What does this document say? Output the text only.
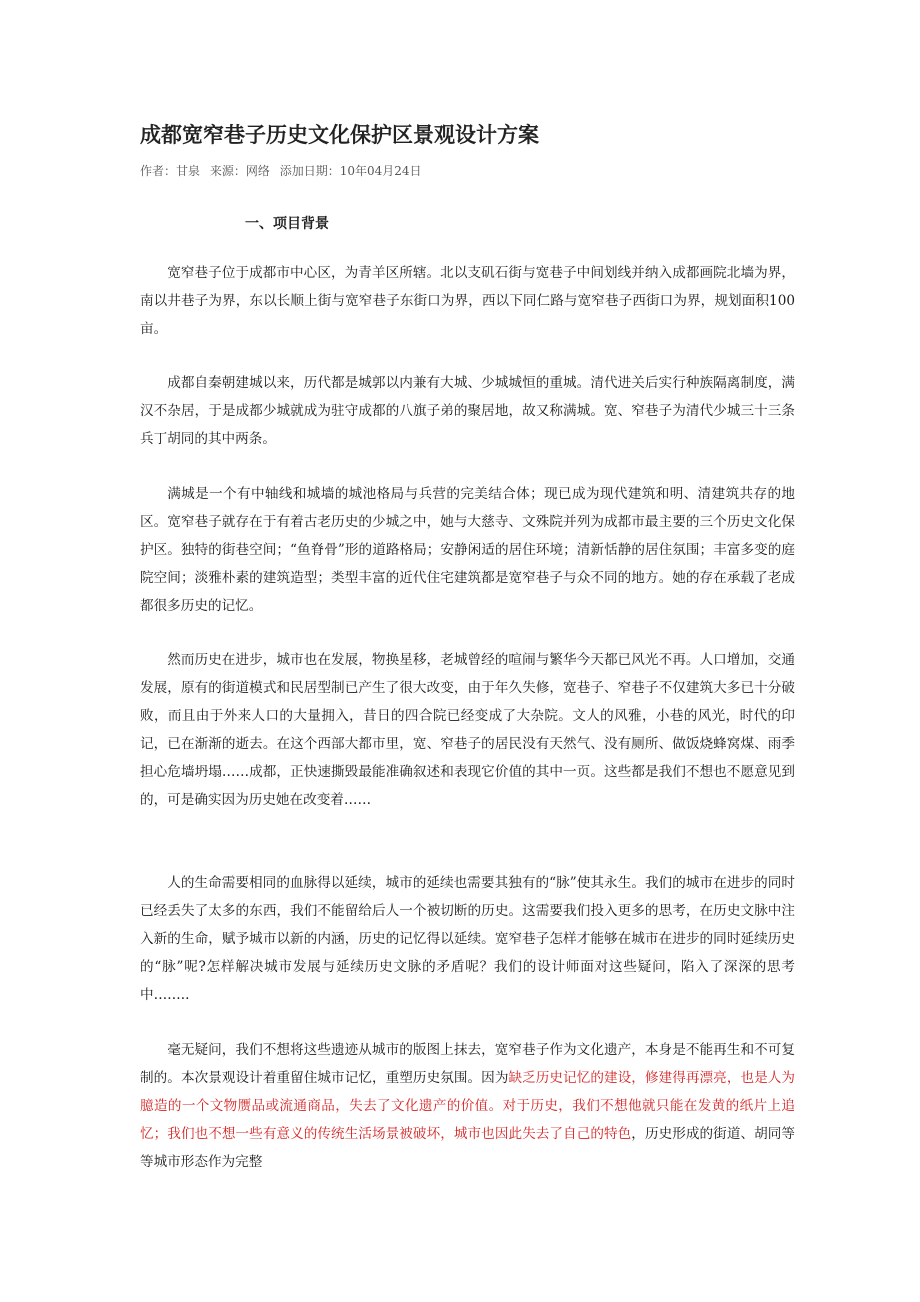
成都宽窄巷子历史文化保护区景观设计方案
作者：甘泉 来源：网络 添加日期：10年04月24日
一、项目背景

宽窄巷子位于成都市中心区，为青羊区所辖。北以支矶石街与宽巷子中间划线并纳入成都画院北墙为界，南以井巷子为界，东以长顺上街与宽窄巷子东街口为界，西以下同仁路与宽窄巷子西街口为界，规划面积100亩。

成都自秦朝建城以来，历代都是城郭以内兼有大城、少城城恒的重城。清代进关后实行种族隔离制度，满汉不杂居，于是成都少城就成为驻守成都的八旗子弟的聚居地，故又称满城。宽、窄巷子为清代少城三十三条兵丁胡同的其中两条。

满城是一个有中轴线和城墙的城池格局与兵营的完美结合体；现已成为现代建筑和明、清建筑共存的地区。宽窄巷子就存在于有着古老历史的少城之中，她与大慈寺、文殊院并列为成都市最主要的三个历史文化保护区。独特的街巷空间；“鱼脊骨”形的道路格局；安静闲适的居住环境；清新恬静的居住氛围；丰富多变的庭院空间；淡雅朴素的建筑造型；类型丰富的近代住宅建筑都是宽窄巷子与众不同的地方。她的存在承载了老成都很多历史的记忆。

然而历史在进步，城市也在发展，物换星移，老城曾经的喧闹与繁华今天都已风光不再。人口增加，交通发展，原有的街道模式和民居型制已产生了很大改变，由于年久失修，宽巷子、窄巷子不仅建筑大多已十分破败，而且由于外来人口的大量拥入，昔日的四合院已经变成了大杂院。文人的风雅，小巷的风光，时代的印记，已在渐渐的逝去。在这个西部大都市里，宽、窄巷子的居民没有天然气、没有厕所、做饭烧蜂窝煤、雨季担心危墙坍塌……成都，正快速撕毁最能准确叙述和表现它价值的其中一页。这些都是我们不想也不愿意见到的，可是确实因为历史她在改变着……

人的生命需要相同的血脉得以延续，城市的延续也需要其独有的“脉”使其永生。我们的城市在进步的同时已经丢失了太多的东西，我们不能留给后人一个被切断的历史。这需要我们投入更多的思考，在历史文脉中注入新的生命，赋予城市以新的内涵，历史的记忆得以延续。宽窄巷子怎样才能够在城市在进步的同时延续历史的“脉”呢?怎样解决城市发展与延续历史文脉的矛盾呢？我们的设计师面对这些疑问，陷入了深深的思考中……..

毫无疑问，我们不想将这些遗迹从城市的版图上抹去，宽窄巷子作为文化遗产，本身是不能再生和不可复制的。本次景观设计着重留住城市记忆，重塑历史氛围。因为缺乏历史记忆的建设，修建得再漂亮，也是人为臆造的一个文物赝品或流通商品，失去了文化遗产的价值。对于历史，我们不想他就只能在发黄的纸片上追忆；我们也不想一些有意义的传统生活场景被破坏，城市也因此失去了自己的特色，历史形成的街道、胡同等等城市形态作为完整
